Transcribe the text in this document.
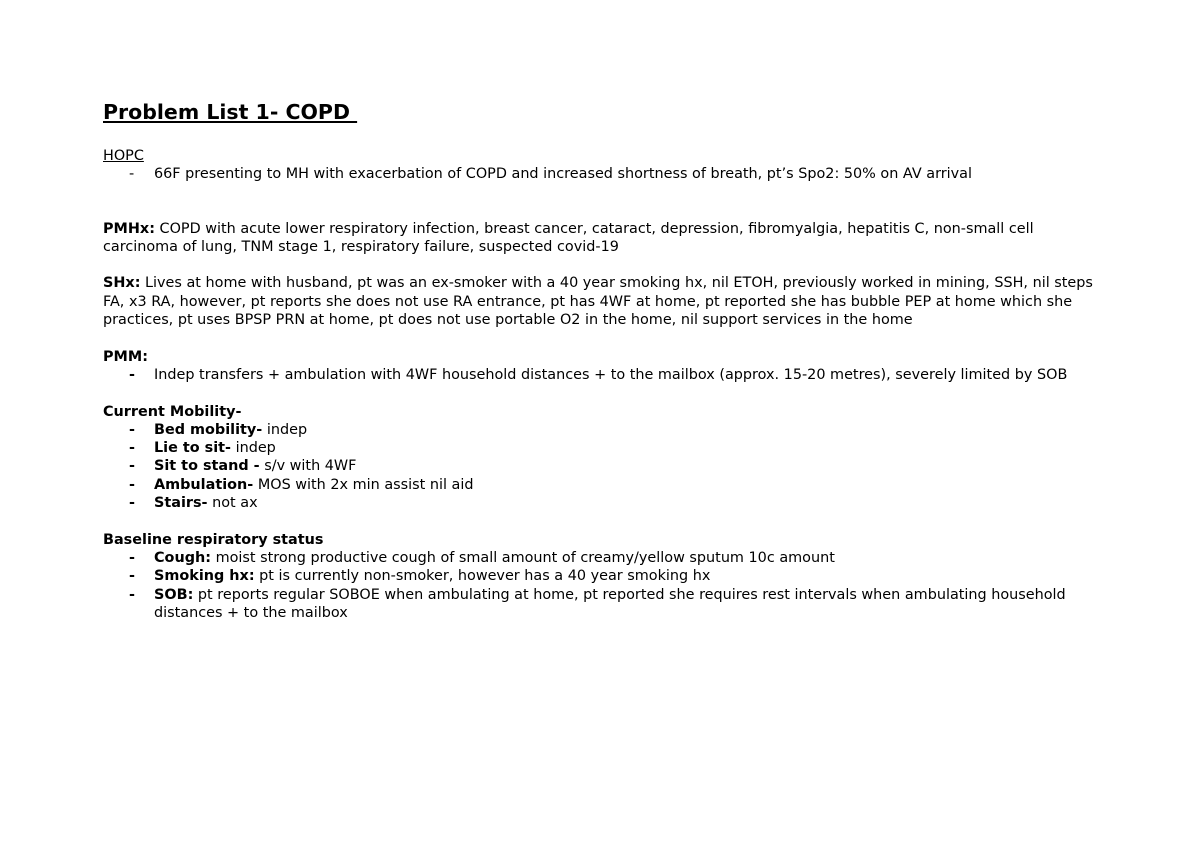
Problem List 1- COPD

HOPC

- 66F presenting to MH with exacerbation of COPD and increased shortness of breath, pt’s Spo2: 50% on AV arrival

PMHx: COPD with acute lower respiratory infection, breast cancer, cataract, depression, fibromyalgia, hepatitis C, non-small cell carcinoma of lung, TNM stage 1, respiratory failure, suspected covid-19

SHx: Lives at home with husband, pt was an ex-smoker with a 40 year smoking hx, nil ETOH, previously worked in mining, SSH, nil steps FA, x3 RA, however, pt reports she does not use RA entrance, pt has 4WF at home, pt reported she has bubble PEP at home which she practices, pt uses BPSP PRN at home, pt does not use portable O2 in the home, nil support services in the home

PMM:

- Indep transfers + ambulation with 4WF household distances + to the mailbox (approx. 15-20 metres), severely limited by SOB

Current Mobility-

- Bed mobility- indep
- Lie to sit- indep
- Sit to stand - s/v with 4WF
- Ambulation- MOS with 2x min assist nil aid
- Stairs- not ax

Baseline respiratory status

- Cough: moist strong productive cough of small amount of creamy/yellow sputum 10c amount
- Smoking hx: pt is currently non-smoker, however has a 40 year smoking hx
- SOB: pt reports regular SOBOE when ambulating at home, pt reported she requires rest intervals when ambulating household distances + to the mailbox
